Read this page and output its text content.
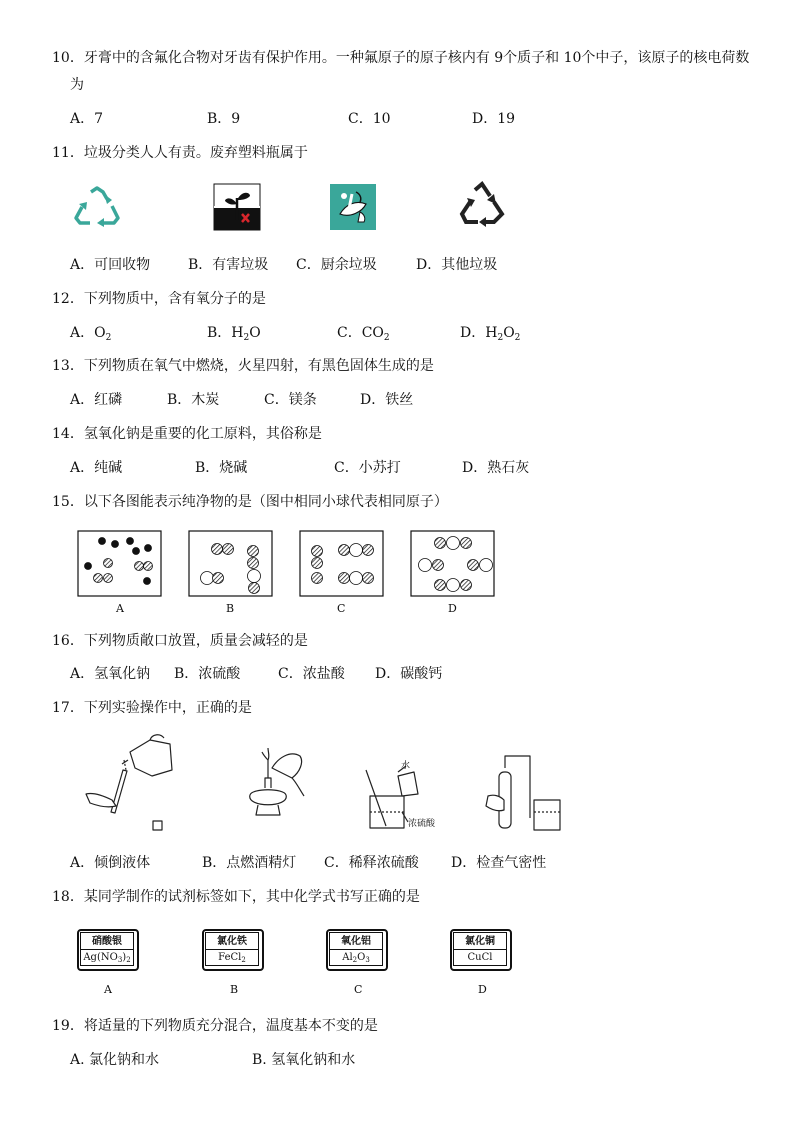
10．牙膏中的含氟化合物对牙齿有保护作用。一种氟原子的原子核内有 9个质子和 10个中子，该原子的核电荷数
为
A．7	B．9	C．10	D．19
11．垃圾分类人人有责。废弃塑料瓶属于
A．可回收物	B．有害垃圾 C．厨余垃圾	D．其他垃圾
12．下列物质中，含有氧分子的是
A．$O_2$	B．$H_2O$	C．$CO_2$	D．$H_2O_2$
13．下列物质在氧气中燃烧，火星四射，有黑色固体生成的是
A．红磷	B．木炭	C．镁条	D．铁丝
14．氢氧化钠是重要的化工原料，其俗称是
A．纯碱	B．烧碱	C．小苏打	D．熟石灰
15．以下各图能表示纯净物的是（图中相同小球代表相同原子）
A	B	C	D
16．下列物质敞口放置，质量会减轻的是
A．氢氧化钠 B．浓硫酸	C．浓盐酸 D．碳酸钙
17．下列实验操作中，正确的是
水
浓硫酸
A．倾倒液体	B．点燃酒精灯 C．稀释浓硫酸 D．检查气密性
18．某同学制作的试剂标签如下，其中化学式书写正确的是
硝酸银
$Ag(NO_3)_2$
氯化铁
FeCl$_2$
氧化铝
$Al_2O_3$
氯化铜
CuCl
A	B	C	D
19．将适量的下列物质充分混合，温度基本不变的是
A. 氯化钠和水	B. 氢氧化钠和水
